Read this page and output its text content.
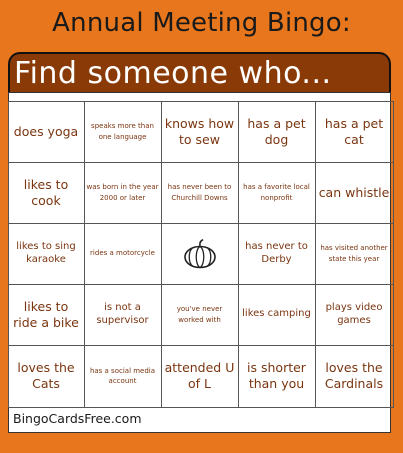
Annual Meeting Bingo:
Find someone who...
does yoga	speaks more than one language
knows how to sew
has a pet dog
has a pet cat
likes to cook
was born in the year 2000 or later
has never been to Churchill Downs
has a favorite local nonprofit	can whistle
likes to sing karaoke
rides a motorcycle
has never to Derby
has visited another state this year
likes to ride a bike
is not a supervisor
you've never worked with
likes camping
plays video games
loves the Cats
has a social media account
attended U of L
is shorter than you
loves the Cardinals
BingoCardsFree.com
